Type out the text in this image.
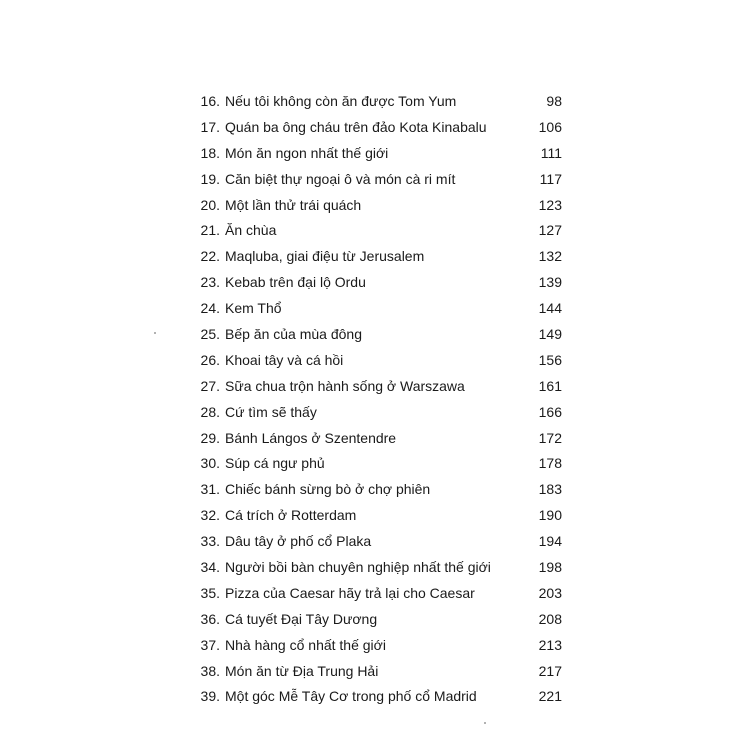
16. Nếu tôi không còn ăn được Tom Yum	98
17. Quán ba ông cháu trên đảo Kota Kinabalu	106
18. Món ăn ngon nhất thế giới	111
19. Căn biệt thự ngoại ô và món cà ri mít	117
20. Một lần thử trái quách	123
21. Ăn chùa	127
22. Maqluba, giai điệu từ Jerusalem	132
23. Kebab trên đại lộ Ordu	139
24. Kem Thổ	144
25. Bếp ăn của mùa đông	149
26. Khoai tây và cá hồi	156
27. Sữa chua trộn hành sống ở Warszawa	161
28. Cứ tìm sẽ thấy	166
29. Bánh Lángos ở Szentendre	172
30. Súp cá ngư phủ	178
31. Chiếc bánh sừng bò ở chợ phiên	183
32. Cá trích ở Rotterdam	190
33. Dâu tây ở phố cổ Plaka	194
34. Người bồi bàn chuyên nghiệp nhất thế giới	198
35. Pizza của Caesar hãy trả lại cho Caesar	203
36. Cá tuyết Đại Tây Dương	208
37. Nhà hàng cổ nhất thế giới	213
38. Món ăn từ Địa Trung Hải	217
39. Một góc Mễ Tây Cơ trong phố cổ Madrid	221
